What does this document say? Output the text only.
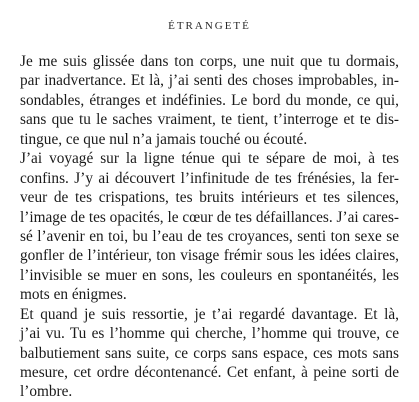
ÉTRANGETÉ
Je me suis glissée dans ton corps, une nuit que tu dormais,
par inadvertance. Et là, j’ai senti des choses improbables, in-
sondables, étranges et indéfinies. Le bord du monde, ce qui,
sans que tu le saches vraiment, te tient, t’interroge et te dis-
tingue, ce que nul n’a jamais touché ou écouté.
J’ai voyagé sur la ligne ténue qui te sépare de moi, à tes
confins. J’y ai découvert l’infinitude de tes frénésies, la fer-
veur de tes crispations, tes bruits intérieurs et tes silences,
l’image de tes opacités, le cœur de tes défaillances. J’ai cares-
sé l’avenir en toi, bu l’eau de tes croyances, senti ton sexe se
gonfler de l’intérieur, ton visage frémir sous les idées claires,
l’invisible se muer en sons, les couleurs en spontanéités, les
mots en énigmes.
Et quand je suis ressortie, je t’ai regardé davantage. Et là,
j’ai vu. Tu es l’homme qui cherche, l’homme qui trouve, ce
balbutiement sans suite, ce corps sans espace, ces mots sans
mesure, cet ordre décontenancé. Cet enfant, à peine sorti de
l’ombre.
